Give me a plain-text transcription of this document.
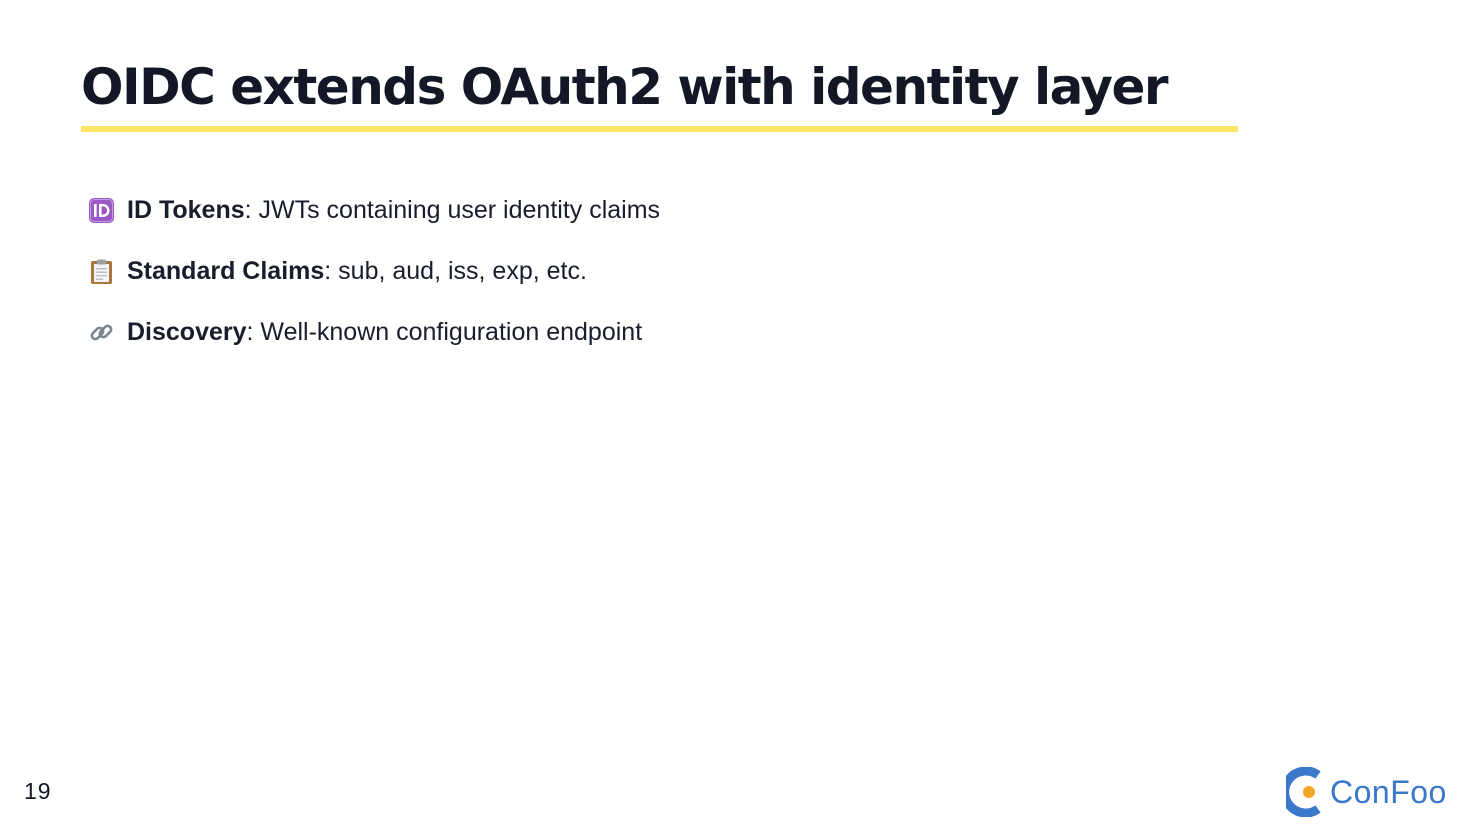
OIDC extends OAuth2 with identity layer
ID Tokens : JWTs containing user identity claims
Standard Claims : sub, aud, iss, exp, etc.
Discovery : Well-known configuration endpoint
19	ConFoo
